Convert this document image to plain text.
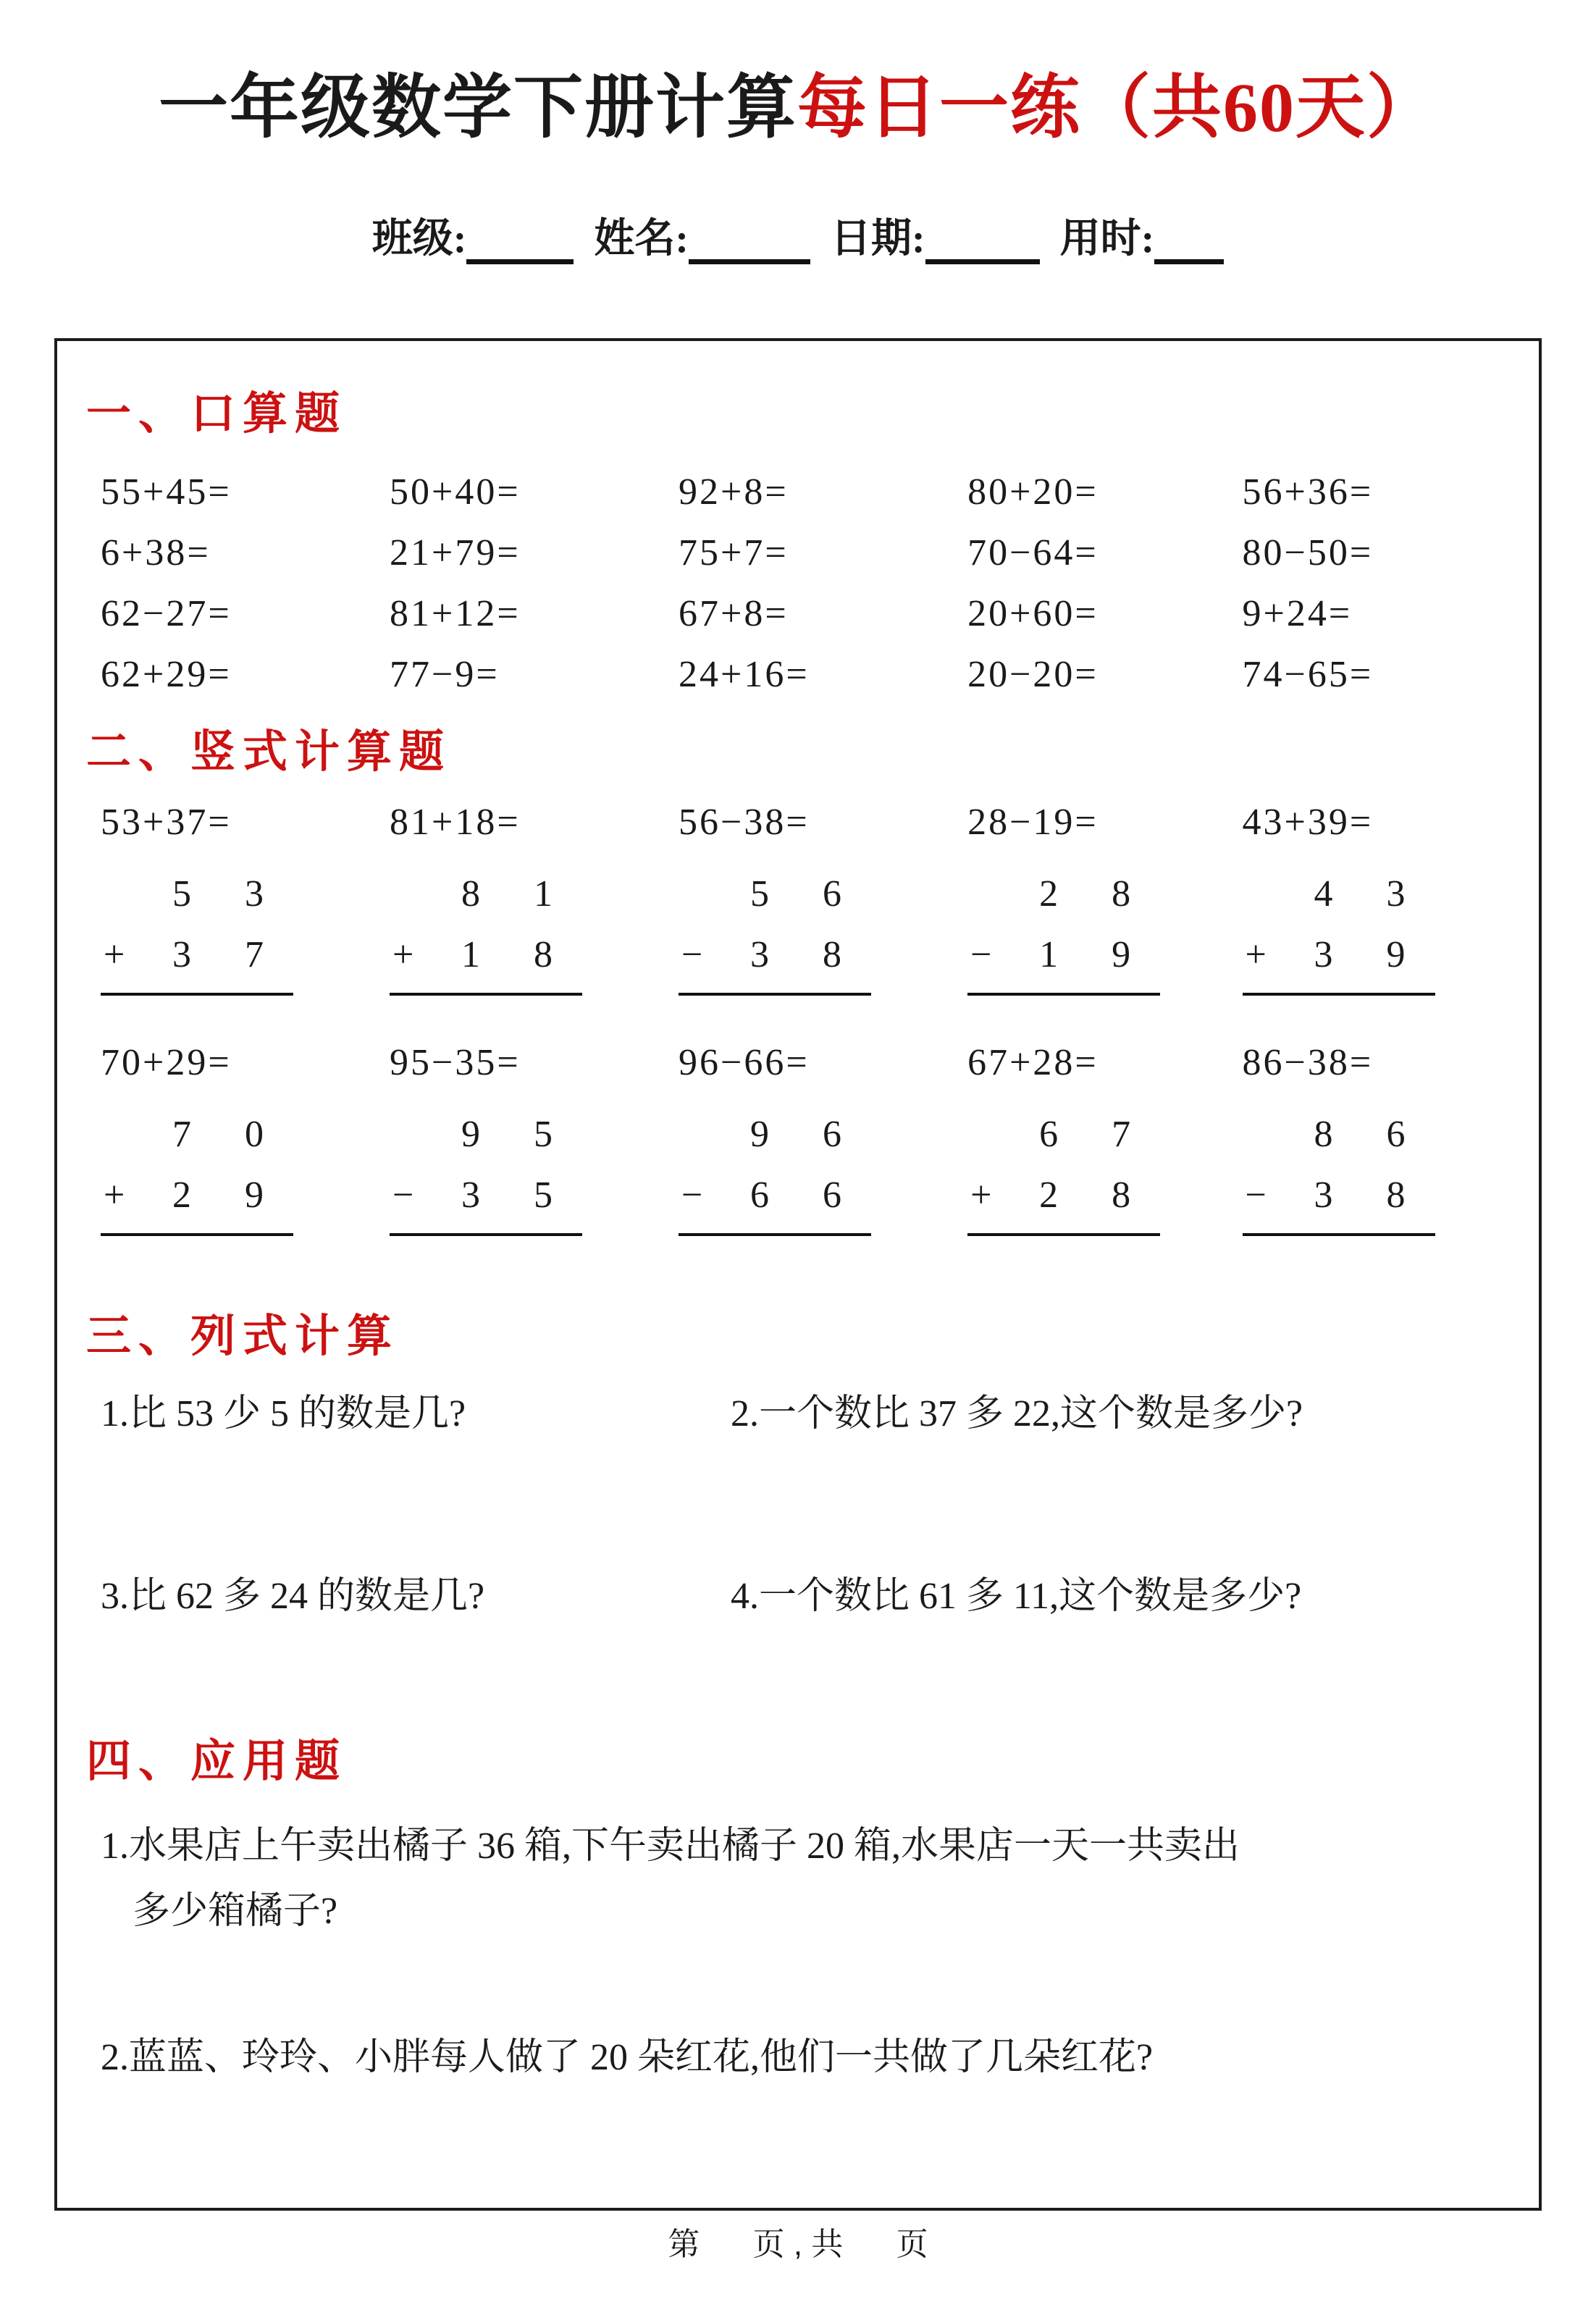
一年级数学下册计算每日一练（共60天）
班级:	姓名:	日期:	用时:
一、口算题
55+45=	50+40=	92+8=	80+20=	56+36=
6+38=	21+79=	75+7=	70−64=	80−50=
62−27=	81+12=	67+8=	20+60=	9+24=
62+29=	77−9=	24+16=	20−20=	74−65=
二、竖式计算题
53+37=
5 3
+ 3 7
81+18=
8 1
+ 1 8
56−38=
5 6
− 3 8
28−19=
2 8
− 1 9
43+39=
4 3
+ 3 9
70+29=
7 0
+ 2 9
95−35=
9 5
− 3 5
96−66=
9 6
− 6 6
67+28=
6 7
+ 2 8
86−38=
8 6
− 3 8
三、列式计算
1.比 53 少 5 的数是几?	2.一个数比 37 多 22,这个数是多少?
3.比 62 多 24 的数是几?	4.一个数比 61 多 11,这个数是多少?
四、应用题
1.水果店上午卖出橘子 36 箱,下午卖出橘子 20 箱,水果店一天一共卖出
多少箱橘子?
2.蓝蓝、玲玲、小胖每人做了 20 朵红花,他们一共做了几朵红花?
第      页 , 共      页
